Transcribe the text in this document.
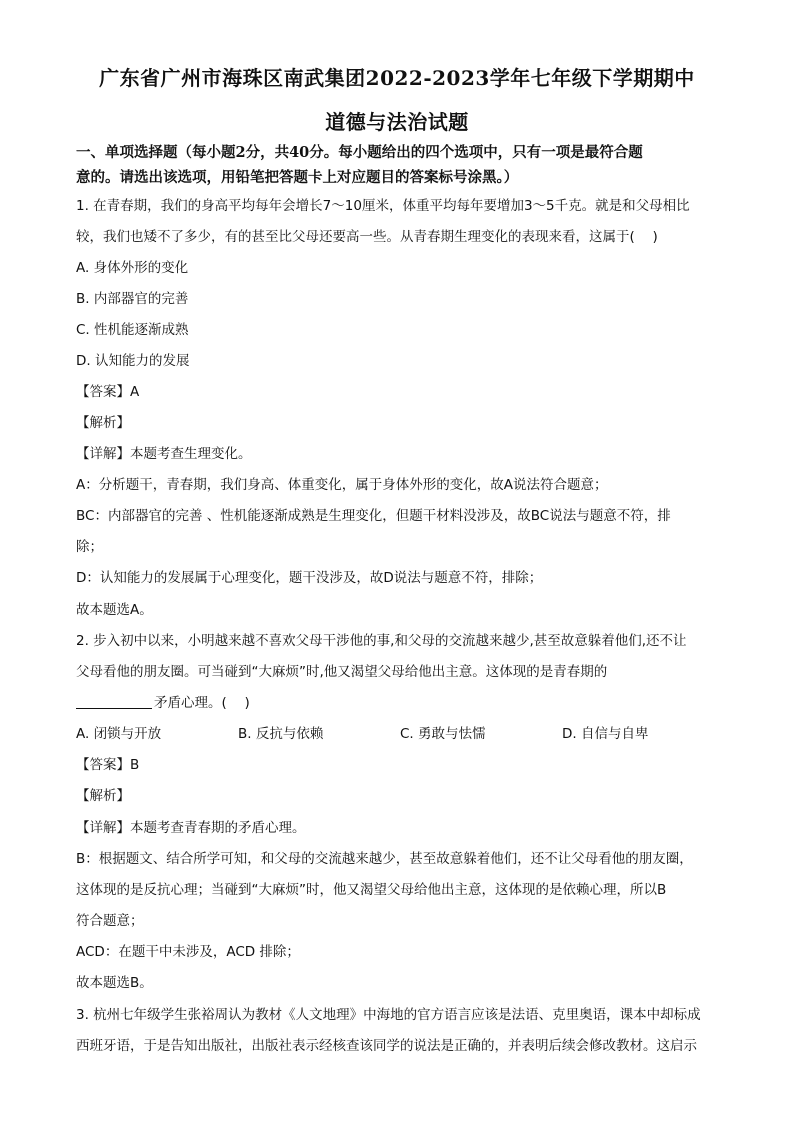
广东省广州市海珠区南武集团2022-2023学年七年级下学期期中
道德与法治试题
一、单项选择题（每小题2分，共40分。每小题给出的四个选项中，只有一项是最符合题
意的。请选出该选项，用铅笔把答题卡上对应题目的答案标号涂黑。）
1. 在青春期，我们的身高平均每年会增长7～10厘米，体重平均每年要增加3～5千克。就是和父母相比
较，我们也矮不了多少，有的甚至比父母还要高一些。从青春期生理变化的表现来看，这属于(　 )
A. 身体外形的变化
B. 内部器官的完善
C. 性机能逐渐成熟
D. 认知能力的发展
【答案】A
【解析】
【详解】本题考查生理变化。
A：分析题干，青春期，我们身高、体重变化，属于身体外形的变化，故A说法符合题意；
BC：内部器官的完善 、性机能逐渐成熟是生理变化，但题干材料没涉及，故BC说法与题意不符，排
除；
D：认知能力的发展属于心理变化，题干没涉及，故D说法与题意不符，排除；
故本题选A。
2. 步入初中以来，小明越来越不喜欢父母干涉他的事,和父母的交流越来越少,甚至故意躲着他们,还不让
父母看他的朋友圈。可当碰到“大麻烦”时,他又渴望父母给他出主意。这体现的是青春期的
矛盾心理。(　 )
A. 闭锁与开放	B. 反抗与依赖	C. 勇敢与怯懦	D. 自信与自卑
【答案】B
【解析】
【详解】本题考查青春期的矛盾心理。
B：根据题文、结合所学可知，和父母的交流越来越少，甚至故意躲着他们，还不让父母看他的朋友圈，
这体现的是反抗心理；当碰到“大麻烦”时，他又渴望父母给他出主意，这体现的是依赖心理，所以B
符合题意；
ACD：在题干中未涉及，ACD 排除；
故本题选B。
3. 杭州七年级学生张裕周认为教材《人文地理》中海地的官方语言应该是法语、克里奥语，课本中却标成
西班牙语，于是告知出版社，出版社表示经核查该同学的说法是正确的，并表明后续会修改教材。这启示
